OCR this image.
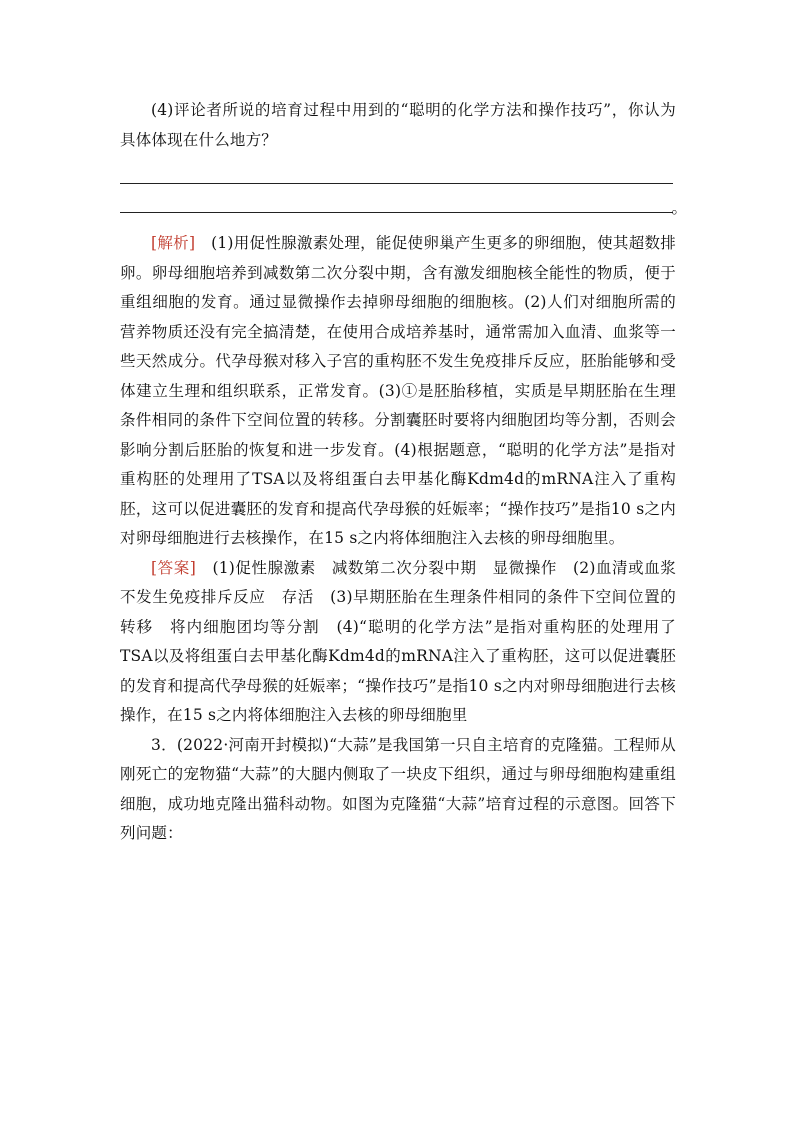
(4)评论者所说的培育过程中用到的“聪明的化学方法和操作技巧”，你认为具体体现在什么地方？

。

[解析]　(1)用促性腺激素处理，能促使卵巢产生更多的卵细胞，使其超数排卵。卵母细胞培养到减数第二次分裂中期，含有激发细胞核全能性的物质，便于重组细胞的发育。通过显微操作去掉卵母细胞的细胞核。(2)人们对细胞所需的营养物质还没有完全搞清楚，在使用合成培养基时，通常需加入血清、血浆等一些天然成分。代孕母猴对移入子宫的重构胚不发生免疫排斥反应，胚胎能够和受体建立生理和组织联系，正常发育。(3)①是胚胎移植，实质是早期胚胎在生理条件相同的条件下空间位置的转移。分割囊胚时要将内细胞团均等分割，否则会影响分割后胚胎的恢复和进一步发育。(4)根据题意，“聪明的化学方法”是指对重构胚的处理用了TSA以及将组蛋白去甲基化酶Kdm4d的mRNA注入了重构胚，这可以促进囊胚的发育和提高代孕母猴的妊娠率；“操作技巧”是指10 s之内对卵母细胞进行去核操作，在15 s之内将体细胞注入去核的卵母细胞里。

[答案]　(1)促性腺激素　减数第二次分裂中期　显微操作　(2)血清或血浆　不发生免疫排斥反应　存活　(3)早期胚胎在生理条件相同的条件下空间位置的转移　将内细胞团均等分割　(4)“聪明的化学方法”是指对重构胚的处理用了TSA以及将组蛋白去甲基化酶Kdm4d的mRNA注入了重构胚，这可以促进囊胚的发育和提高代孕母猴的妊娠率；“操作技巧”是指10 s之内对卵母细胞进行去核操作，在15 s之内将体细胞注入去核的卵母细胞里

3．(2022·河南开封模拟)“大蒜”是我国第一只自主培育的克隆猫。工程师从刚死亡的宠物猫“大蒜”的大腿内侧取了一块皮下组织，通过与卵母细胞构建重组细胞，成功地克隆出猫科动物。如图为克隆猫“大蒜”培育过程的示意图。回答下列问题：
